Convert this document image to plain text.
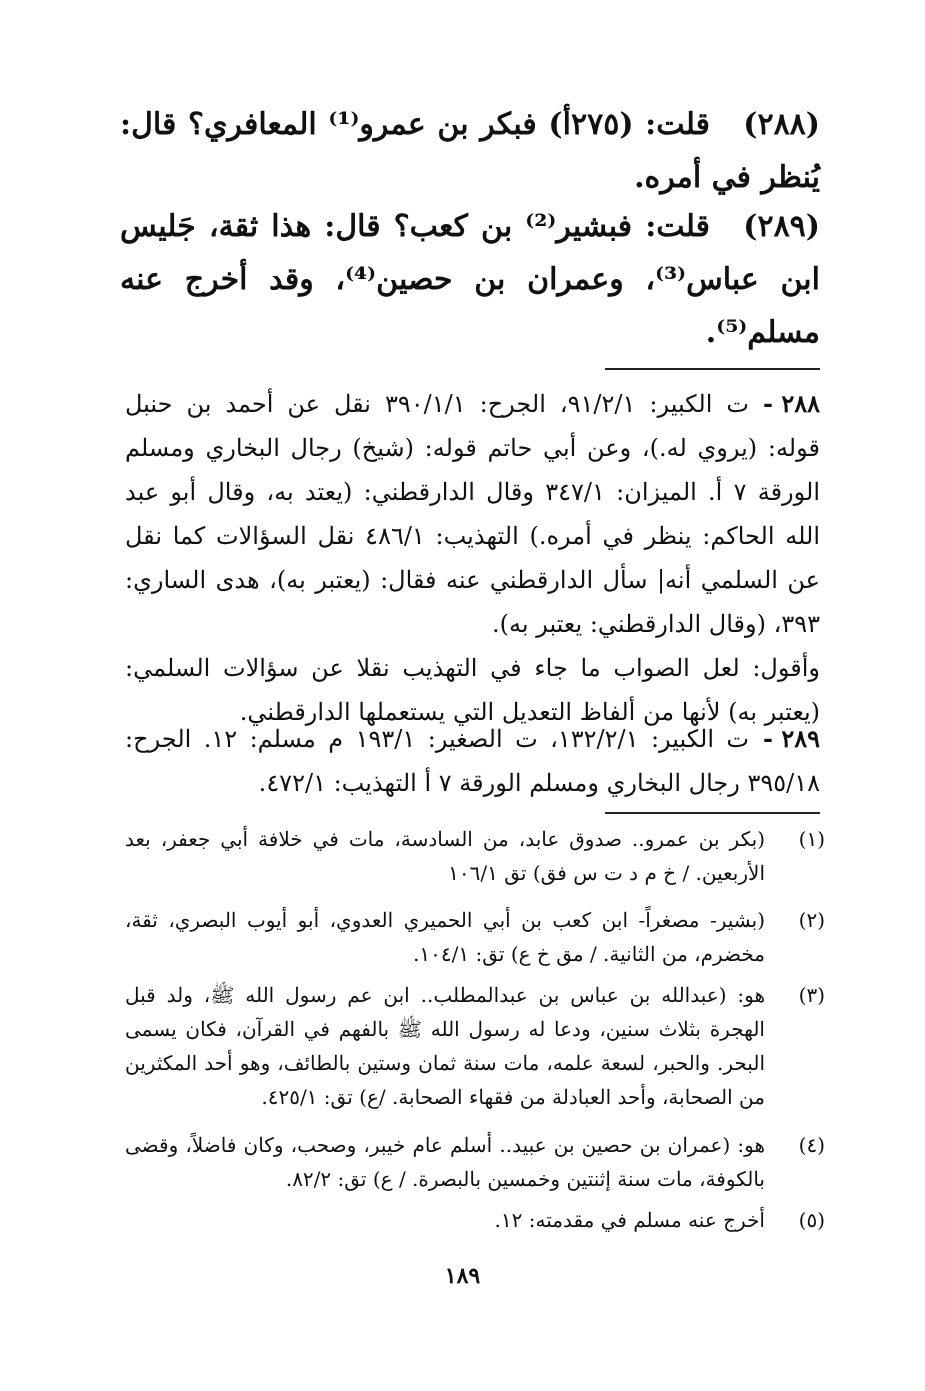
(٢٨٨)
قلت: (٢٧٥أ) فبكر بن عمرو⁽¹⁾ المعافري؟ قال: يُنظر في أمره.
(٢٨٩)
قلت: فبشير⁽²⁾ بن كعب؟ قال: هذا ثقة، جَليس ابن عباس⁽³⁾، وعمران بن حصين⁽⁴⁾، وقد أخرج عنه مسلم⁽⁵⁾.
٢٨٨ -
ت الكبير: ٩١/٢/١، الجرح: ٣٩٠/١/١ نقل عن أحمد بن حنبل قوله: (يروي له.)، وعن أبي حاتم قوله: (شيخ) رجال البخاري ومسلم الورقة ٧ أ. الميزان: ٣٤٧/١ وقال الدارقطني: (يعتد به، وقال أبو عبد الله الحاكم: ينظر في أمره.) التهذيب: ٤٨٦/١ نقل السؤالات كما نقل عن السلمي أنه| سأل الدارقطني عنه فقال: (يعتبر به)، هدى الساري: ٣٩٣، (وقال الدارقطني: يعتبر به).
وأقول: لعل الصواب ما جاء في التهذيب نقلا عن سؤالات السلمي: (يعتبر به) لأنها من ألفاظ التعديل التي يستعملها الدارقطني.
٢٨٩ -
ت الكبير: ١٣٢/٢/١، ت الصغير: ١٩٣/١ م مسلم: ١٢. الجرح: ٣٩٥/١٨ رجال البخاري ومسلم الورقة ٧ أ التهذيب: ٤٧٢/١.
(١)
(بكر بن عمرو.. صدوق عابد، من السادسة، مات في خلافة أبي جعفر، بعد الأربعين. / خ م د ت س فق) تق ١٠٦/١
(٢)
(بشير- مصغراً- ابن كعب بن أبي الحميري العدوي، أبو أيوب البصري، ثقة، مخضرم، من الثانية. / مق خ ع) تق: ١٠٤/١.
(٣)
هو: (عبدالله بن عباس بن عبدالمطلب.. ابن عم رسول الله ﷺ، ولد قبل الهجرة بثلاث سنين، ودعا له رسول الله ﷺ بالفهم في القرآن، فكان يسمى البحر. والحبر، لسعة علمه، مات سنة ثمان وستين بالطائف، وهو أحد المكثرين من الصحابة، وأحد العبادلة من فقهاء الصحابة. /ع) تق: ٤٢٥/١.
(٤)
هو: (عمران بن حصين بن عبيد.. أسلم عام خيبر، وصحب، وكان فاضلاً، وقضى بالكوفة، مات سنة إثنتين وخمسين بالبصرة. / ع) تق: ٨٢/٢.
(٥)
أخرج عنه مسلم في مقدمته: ١٢.
١٨٩
